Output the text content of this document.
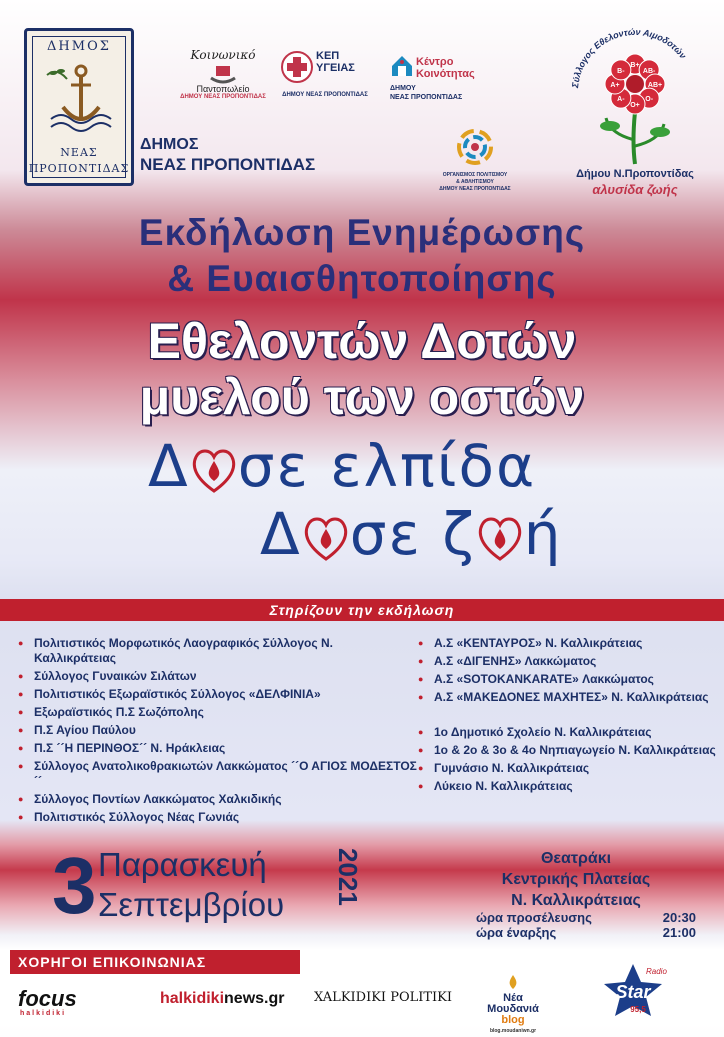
ΔΗΜΟΣ
ΝΕΑΣ
ΠΡΟΠΟΝΤΙΔΑΣ
ΔΗΜΟΣ
ΝΕΑΣ ΠΡΟΠΟΝΤΙΔΑΣ
Κοινωνικό
Παντοπωλείο
ΔΗΜΟΥ ΝΕΑΣ ΠΡΟΠΟΝΤΙΔΑΣ
ΚΕΠ
ΥΓΕΙΑΣ
ΔΗΜΟΥ ΝΕΑΣ ΠΡΟΠΟΝΤΙΔΑΣ
Κέντρο
Κοινότητας
ΔΗΜΟΥ
ΝΕΑΣ ΠΡΟΠΟΝΤΙΔΑΣ
ΟΡΓΑΝΙΣΜΟΣ ΠΟΛΙΤΙΣΜΟΥ
& ΑΘΛΗΤΙΣΜΟΥ
ΔΗΜΟΥ ΝΕΑΣ ΠΡΟΠΟΝΤΙΔΑΣ
Σύλλογος Εθελοντών Αιμοδοτών
B+
AB-
AB+
O-
O+
A-
A+
B-
Δήμου Ν.Προποντίδας
αλυσίδα ζωής
Εκδήλωση Ενημέρωσης
& Ευαισθητοποίησης
Εθελοντών Δοτών
μυελού των οστών
Δ σε ελπίδα
Δ σε ζ ή
Στηρίζουν την εκδήλωση
● Πολιτιστικός Μορφωτικός Λαογραφικός Σύλλογος Ν. Καλλικράτειας
● Σύλλογος Γυναικών Σιλάτων
● Πολιτιστικός Εξωραϊστικός Σύλλογος «ΔΕΛΦΙΝΙΑ»
● Εξωραϊστικός Π.Σ Σωζόπολης
● Π.Σ Αγίου Παύλου
● Π.Σ ´´Η ΠΕΡΙΝΘΟΣ´´ Ν. Ηράκλειας
● Σύλλογος Ανατολικοθρακιωτών Λακκώματος ´´Ο ΑΓΙΟΣ ΜΟΔΕΣΤΟΣ´´
● Σύλλογος Ποντίων Λακκώματος Χαλκιδικής
● Πολιτιστικός Σύλλογος Νέας Γωνιάς
● Α.Σ «ΚΕΝΤΑΥΡΟΣ» Ν. Καλλικράτειας
● Α.Σ «ΔΙΓΕΝΗΣ» Λακκώματος
● Α.Σ «SOTOKANKARATE» Λακκώματος
● Α.Σ «ΜΑΚΕΔΟΝΕΣ ΜΑΧΗΤΕΣ» Ν. Καλλικράτειας
● 1ο Δημοτικό Σχολείο Ν. Καλλικράτειας
● 1ο & 2ο & 3ο & 4ο Νηπιαγωγείο Ν. Καλλικράτειας
● Γυμνάσιο Ν. Καλλικράτειας
● Λύκειο Ν. Καλλικράτειας
3 Παρασκευή
Σεπτεμβρίου 2021	Θεατράκι
Κεντρικής Πλατείας
Ν. Καλλικράτειας
ώρα προσέλευσης	20:30
ώρα έναρξης	21:00
ΧΟΡΗΓΟΙ ΕΠΙΚΟΙΝΩΝΙΑΣ
focus
halkidiki
halkidikinews.gr XALKIDIKI POLITIKI	Νέα
Μουδανιά
blog
blog.moudaniwn.gr
Radio
Star
95,5
